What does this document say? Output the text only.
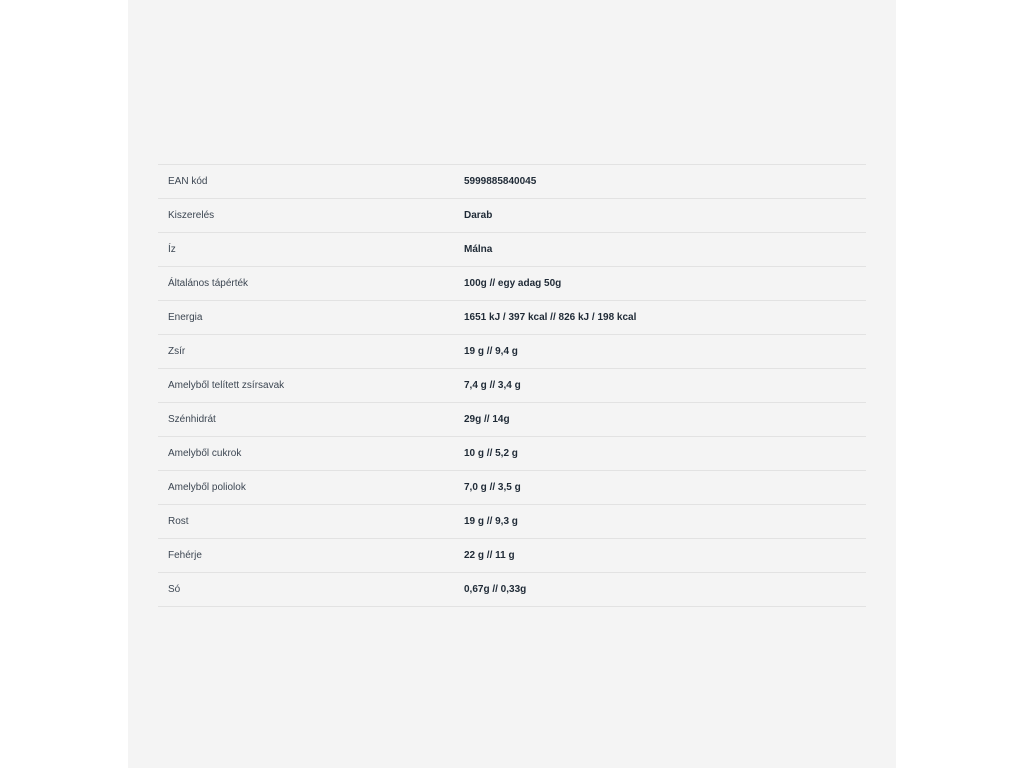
EAN kód	5999885840045
Kiszerelés	Darab
Íz	Málna
Általános tápérték	100g // egy adag 50g
Energia	1651 kJ / 397 kcal // 826 kJ / 198 kcal
Zsír	19 g // 9,4 g
Amelyből telített zsírsavak	7,4 g // 3,4 g
Szénhidrát	29g // 14g
Amelyből cukrok	10 g // 5,2 g
Amelyből poliolok	7,0 g // 3,5 g
Rost	19 g // 9,3 g
Fehérje	22 g // 11 g
Só	0,67g // 0,33g
